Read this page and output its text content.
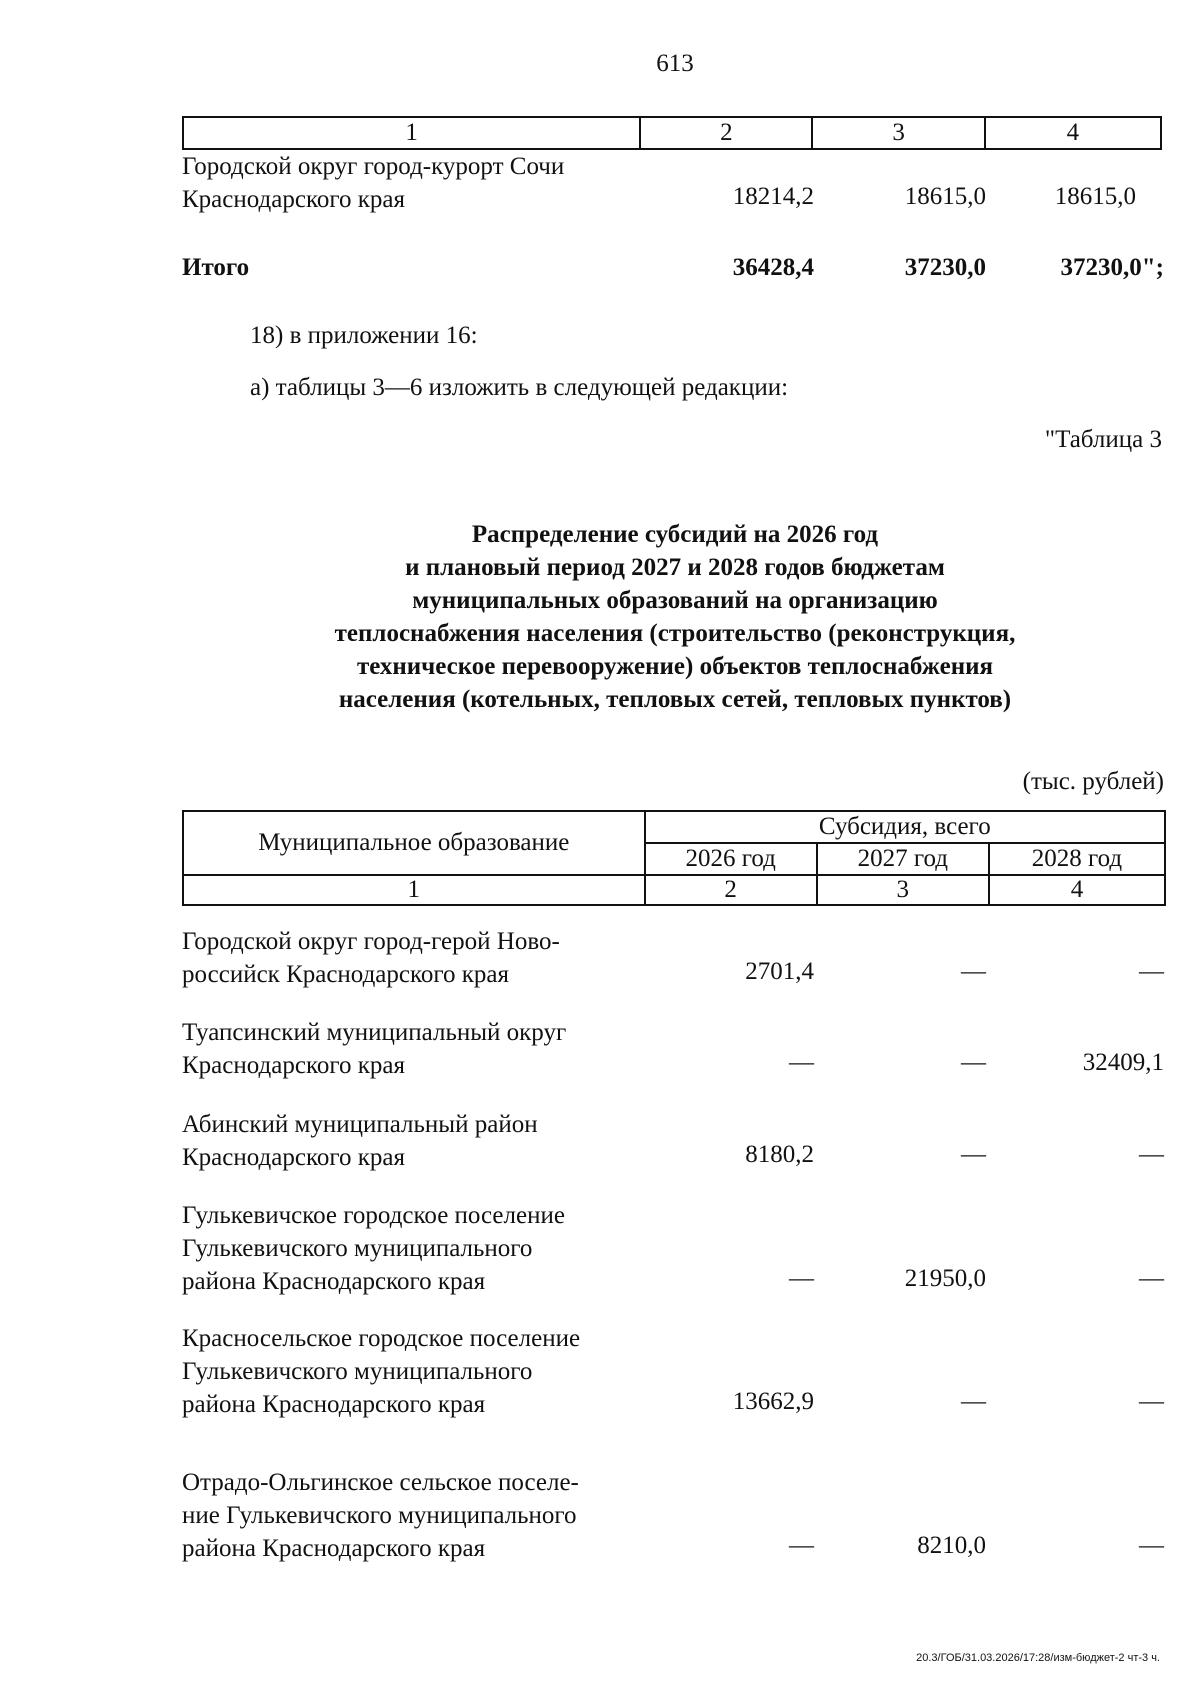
613
1	2	3	4
Городской округ город-курорт Сочи
Краснодарского края	18214,2	18615,0	18615,0
Итого	36428,4	37230,0	37230,0";
18) в приложении 16:
а) таблицы 3—6 изложить в следующей редакции:
"Таблица 3
Распределение субсидий на 2026 год
и плановый период 2027 и 2028 годов бюджетам
муниципальных образований на организацию
теплоснабжения населения (строительство (реконструкция,
техническое перевооружение) объектов теплоснабжения
населения (котельных, тепловых сетей, тепловых пунктов)
(тыс. рублей)
Муниципальное образование	Субсидия, всего		
	2026 год	2027 год	2028 год
1	2	3	4
Городской округ город-герой Ново-
российск Краснодарского края	2701,4	—	—
Туапсинский муниципальный округ
Краснодарского края	—	—	32409,1
Абинский муниципальный район
Краснодарского края	8180,2	—	—
Гулькевичское городское поселение
Гулькевичского муниципального
района Краснодарского края	—	21950,0	—
Красносельское городское поселение
Гулькевичского муниципального
района Краснодарского края	13662,9	—	—
Отрадо-Ольгинское сельское поселе-
ние Гулькевичского муниципального
района Краснодарского края	—	8210,0	—
20.3/ГОБ/31.03.2026/17:28/изм-бюджет-2 чт-3 ч.
